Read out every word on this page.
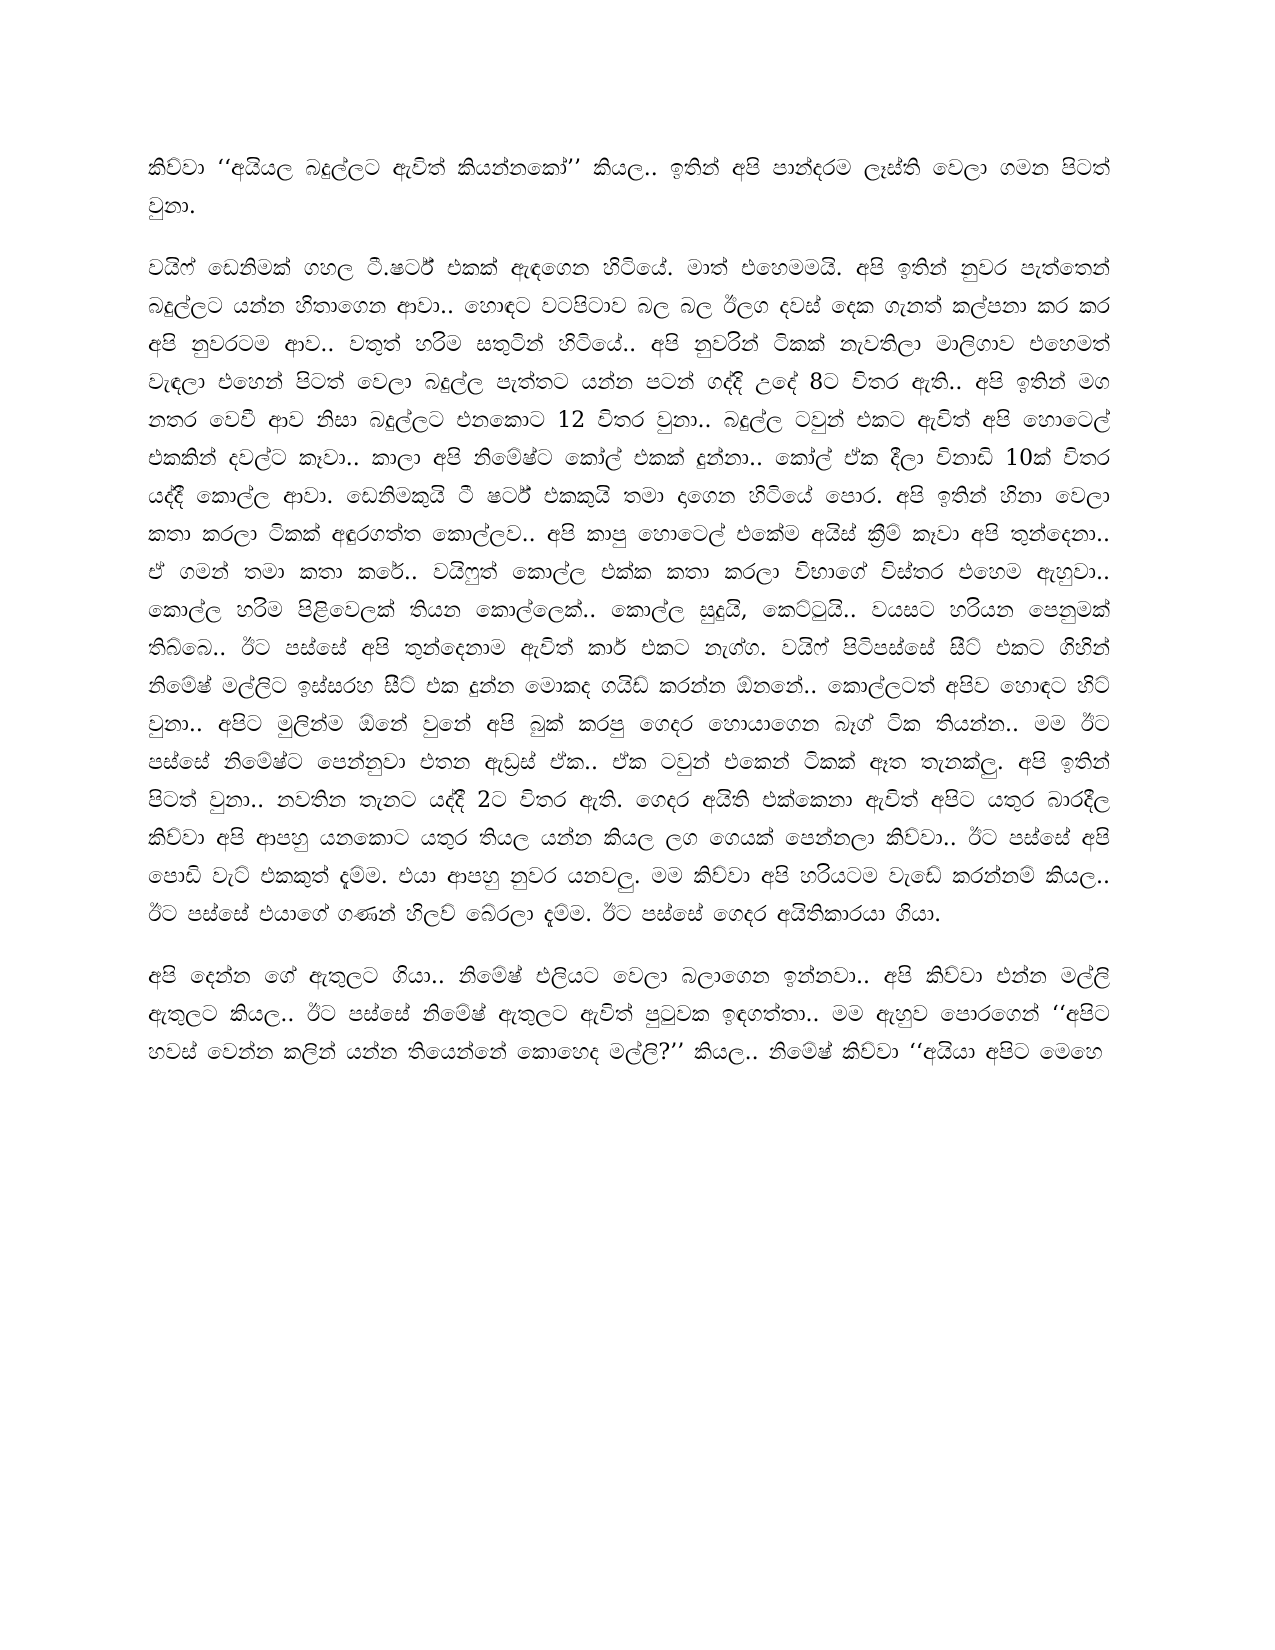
කිව්වා ‘‘අයියල බදුල්ලට ඇවිත් කියන්නකෝ’’ කියල.. ඉතින් අපි පාන්දරම ලෑස්ති වෙලා ගමන පිටත් වුනා.

වයිෆ් ඩෙනිමක් ගහල ටී.ෂර්ට් එකක් ඇඳගෙන හිටියේ. මාත් එහෙමමයි. අපි ඉතින් නුවර පැත්තෙන් බදුල්ලට යන්න හිතාගෙන ආවා.. හොඳට වටපිටාව බල බල ඊලග දවස් දෙක ගැනත් කල්පනා කර කර අපි නුවරටම ආව.. වතුත් හරිම සතුටින් හිටියේ.. අපි නුවරින් ටිකක් නැවතිලා මාලිගාව එහෙමත් වැඳලා එහෙන් පිටත් වෙලා බදුල්ල පැත්තට යන්න පටන් ගද්දි උදේ 8ට විතර ඇති.. අපි ඉතින් මග නතර වෙවී ආව නිසා බදුල්ලට එනකොට 12 විතර වුනා.. බදුල්ල ටවුන් එකට ඇවිත් අපි හොටෙල් එකකින් දවල්ට කෑවා.. කාලා අපි නිමේෂ්ට කෝල් එකක් දුන්නා.. කෝල් ඒක දීලා විනාඩි 10ක් විතර යද්දී කොල්ල ආවා. ඩෙනිමකුයි ටී ෂර්ට් එකකුයි තමා දාගෙන හිටියේ පොර. අපි ඉතින් හිනා වෙලා කතා කරලා ටිකක් අඳුරගත්ත කොල්ලව.. අපි කාපු හොටෙල් එකේම අයිස් ක්‍රීම් කෑවා අපි තුන්දෙනා.. ඒ ගමන් තමා කතා කරේ.. වයිෆුත් කොල්ල එක්ක කතා කරලා විභාගේ විස්තර එහෙම ඇහුවා.. කොල්ල හරිම පිළිවෙලක් තියන කොල්ලෙක්.. කොල්ල සුදුයි, කෙට්ටුයි.. වයසට හරියන පෙනුමක් තිබ්බෙ.. ඊට පස්සේ අපි තුන්දෙනාම ඇවිත් කාර් එකට නැග්ග. වයිෆ් පිටිපස්සේ සීට් එකට ගිහින් නිමේෂ් මල්ලිට ඉස්සරහ සීට් එක දුන්න මොකද ගයිඩ් කරන්න ඕනනේ.. කොල්ලටත් අපිව හොඳට හිට් වුනා.. අපිට මුලින්ම ඕනේ වුනේ අපි බුක් කරපු ගෙදර හොයාගෙන බෑග් ටික තියන්න.. මම ඊට පස්සේ නිමේෂ්ට පෙන්නුවා එතන ඇඩ්‍රස් ඒක.. ඒක ටවුන් එකෙන් ටිකක් ඈත තැනක්ලු. අපි ඉතින් පිටත් වුනා.. නවතින තැනට යද්දී 2ට විතර ඇති. ගෙදර අයිති එක්කෙනා ඇවිත් අපිට යතුර බාරදීල කිව්වා අපි ආපහු යනකොට යතුර තියල යන්න කියල ලග ගෙයක් පෙන්නලා කිව්වා.. ඊට පස්සේ අපි පොඩි වැට් එකකුත් දැම්ම. එයා ආපහු නුවර යනවලු. මම කිව්වා අපි හරියටම වැඩේ කරන්නම් කියල.. ඊට පස්සේ එයාගේ ගණන් හිලව් බේරලා දැම්ම. ඊට පස්සේ ගෙදර අයිතිකාරයා ගියා.

අපි දෙන්න ගේ ඇතුලට ගියා.. නිමේෂ් එලියට වෙලා බලාගෙන ඉන්නවා.. අපි කිව්වා එන්න මල්ලි ඇතුලට කියල.. ඊට පස්සේ නිමේෂ් ඇතුලට ඇවිත් පුටුවක ඉඳගත්තා.. මම ඇහුව පොරගෙන් ‘‘අපිට හවස් වෙන්න කලින් යන්න තියෙන්නේ කොහෙද මල්ලි?’’ කියල.. නිමේෂ් කිව්වා ‘‘අයියා අපිට මෙහෙ
